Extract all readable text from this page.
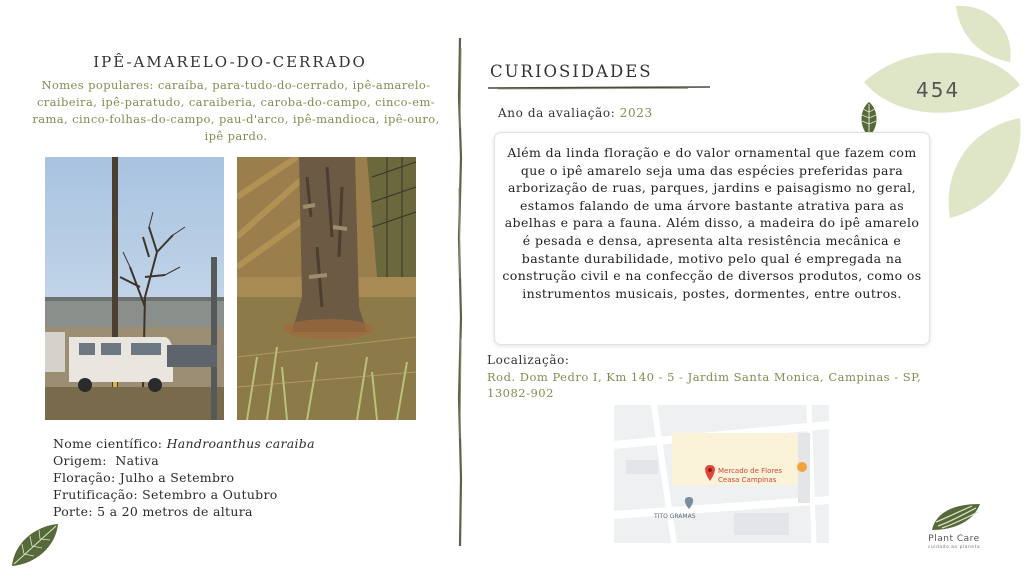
454
IPÊ-AMARELO-DO-CERRADO
Nomes populares: caraíba, para-tudo-do-cerrado, ipê-amarelo-craibeira, ipê-paratudo, caraiberia, caroba-do-campo, cinco-em-rama, cinco-folhas-do-campo, pau-d'arco, ipê-mandioca, ipê-ouro, ipê pardo.
Nome científico: Handroanthus caraiba
Origem:  Nativa
Floração: Julho a Setembro
Frutificação: Setembro a Outubro
Porte: 5 a 20 metros de altura
CURIOSIDADES
Ano da avaliação: 2023
Além da linda floração e do valor ornamental que fazem com que o ipê amarelo seja uma das espécies preferidas para arborização de ruas, parques, jardins e paisagismo no geral, estamos falando de uma árvore bastante atrativa para as abelhas e para a fauna. Além disso, a madeira do ipê amarelo é pesada e densa, apresenta alta resistência mecânica e bastante durabilidade, motivo pelo qual é empregada na construção civil e na confecção de diversos produtos, como os instrumentos musicais, postes, dormentes, entre outros.
Localização:
Rod. Dom Pedro I, Km 140 - 5 - Jardim Santa Monica, Campinas - SP, 13082-902
Mercado de Flores
Ceasa Campinas
TITO GRAMAS
Plant Care
cuidado ao planeta
